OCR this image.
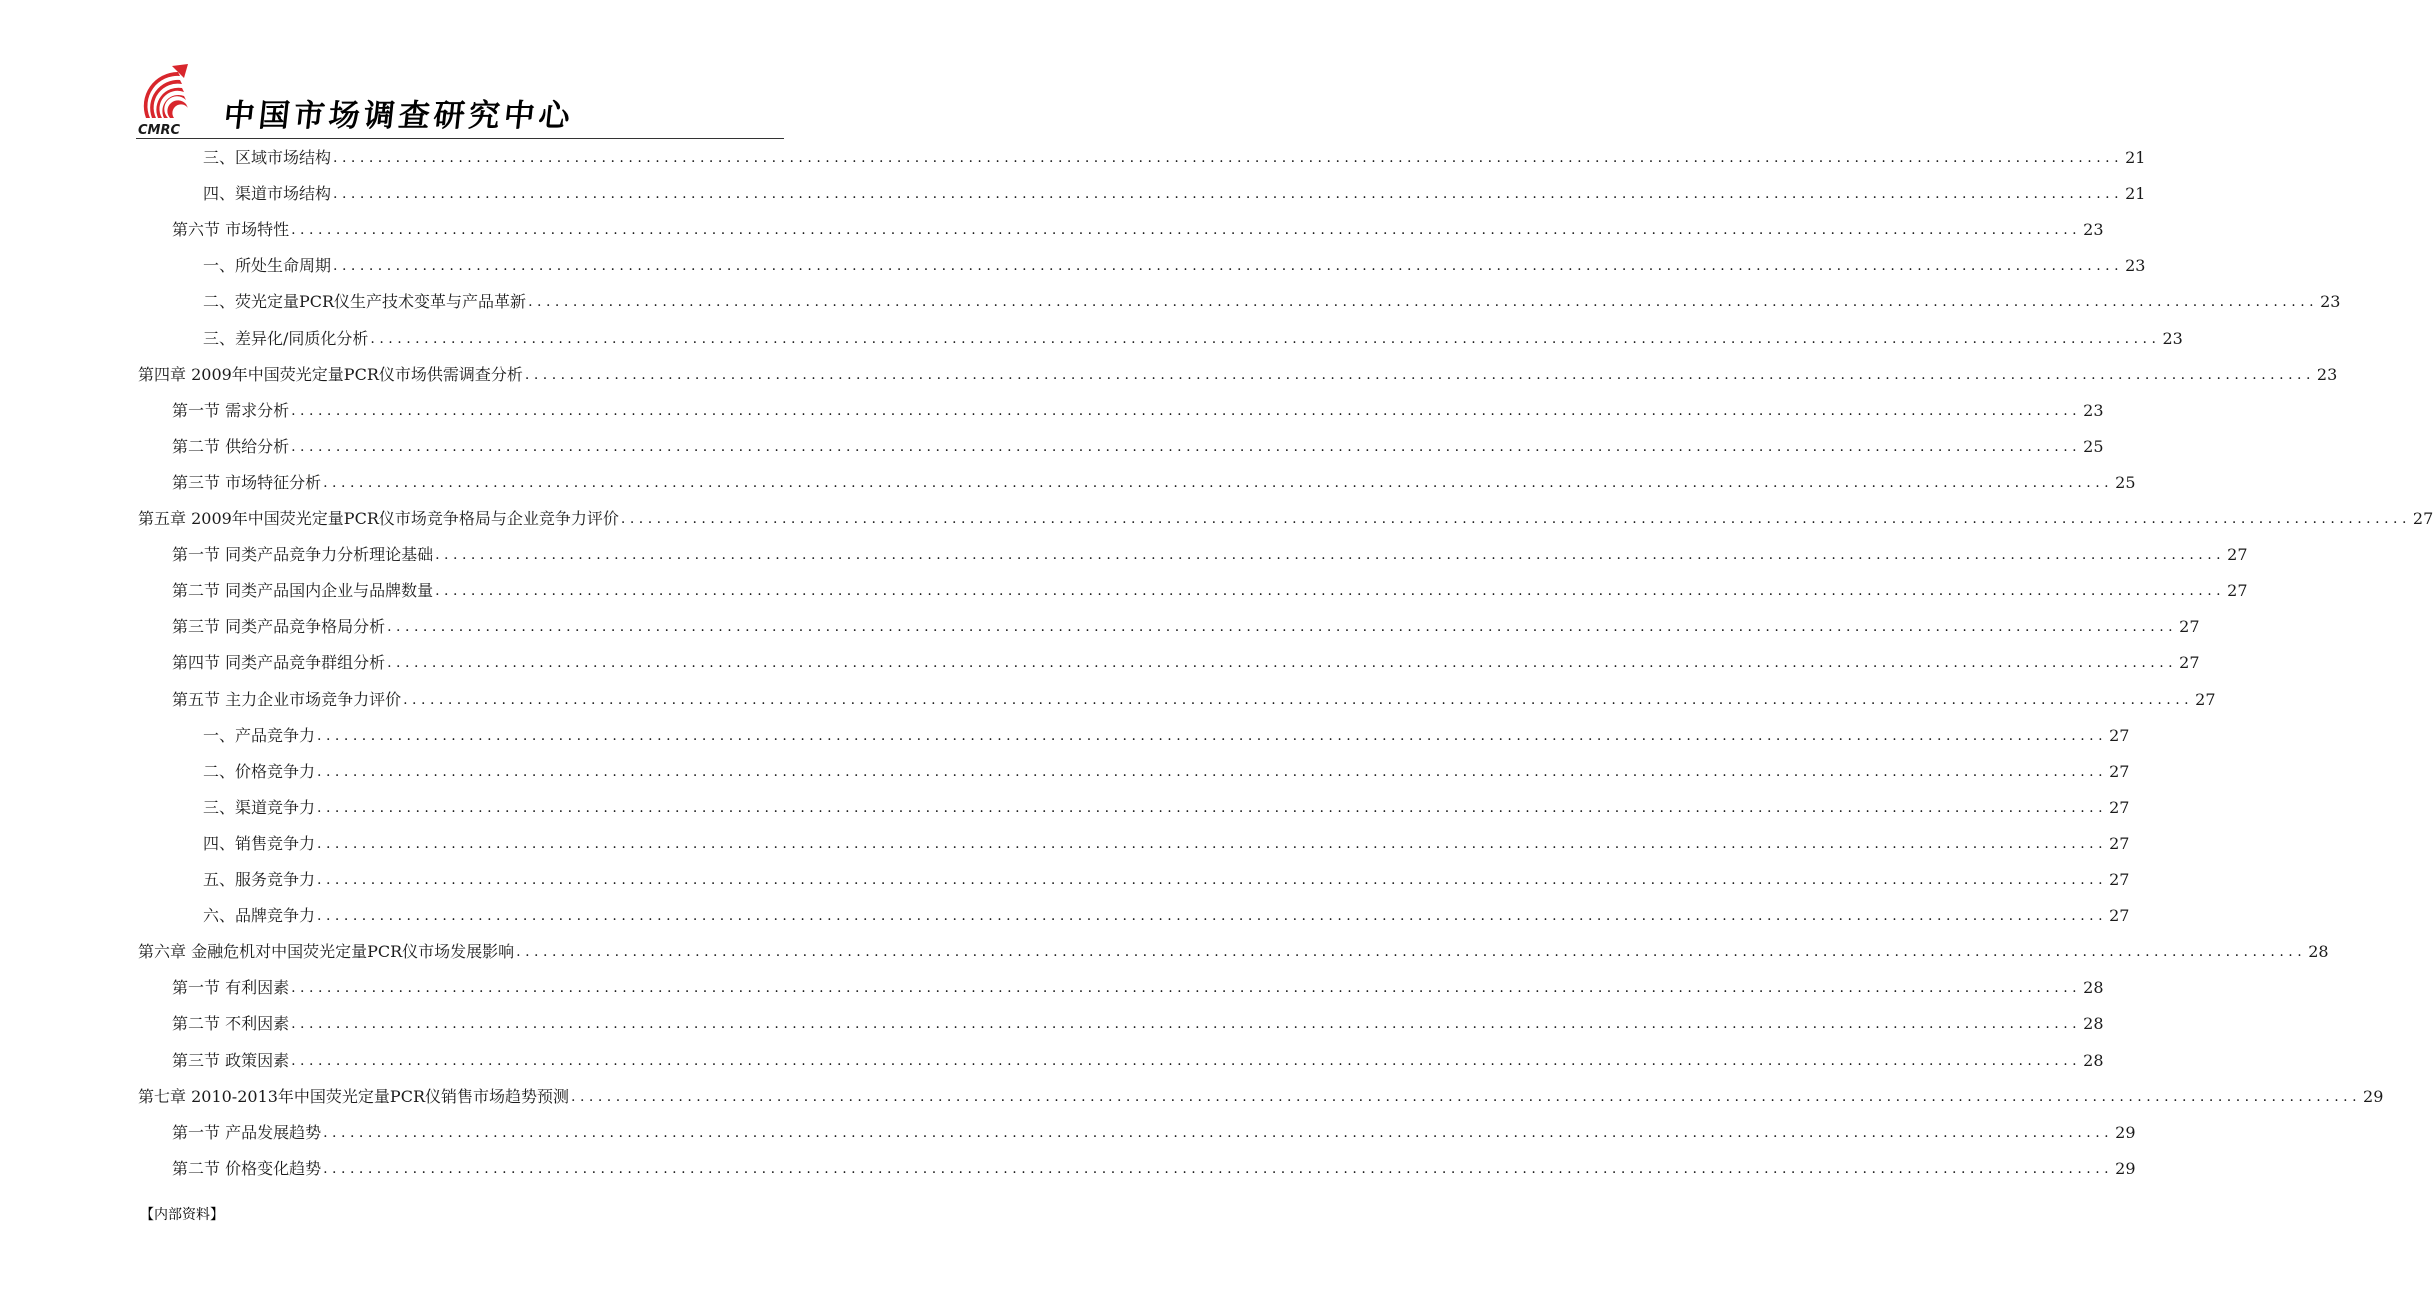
CMRC 中国市场调查研究中心
三、区域市场结构 ........................................................................................................................................................................................................ 21
四、渠道市场结构 ........................................................................................................................................................................................................ 21
第六节 市场特性 ........................................................................................................................................................................................................ 23
一、所处生命周期 ........................................................................................................................................................................................................ 23
二、荧光定量PCR仪生产技术变革与产品革新 ........................................................................................................................................................................................................ 23
三、差异化/同质化分析 ........................................................................................................................................................................................................ 23
第四章 2009年中国荧光定量PCR仪市场供需调查分析 ........................................................................................................................................................................................................ 23
第一节 需求分析 ........................................................................................................................................................................................................ 23
第二节 供给分析 ........................................................................................................................................................................................................ 25
第三节 市场特征分析 ........................................................................................................................................................................................................ 25
第五章 2009年中国荧光定量PCR仪市场竞争格局与企业竞争力评价 ........................................................................................................................................................................................................ 27
第一节 同类产品竞争力分析理论基础 ........................................................................................................................................................................................................ 27
第二节 同类产品国内企业与品牌数量 ........................................................................................................................................................................................................ 27
第三节 同类产品竞争格局分析 ........................................................................................................................................................................................................ 27
第四节 同类产品竞争群组分析 ........................................................................................................................................................................................................ 27
第五节 主力企业市场竞争力评价 ........................................................................................................................................................................................................ 27
一、产品竞争力 ........................................................................................................................................................................................................ 27
二、价格竞争力 ........................................................................................................................................................................................................ 27
三、渠道竞争力 ........................................................................................................................................................................................................ 27
四、销售竞争力 ........................................................................................................................................................................................................ 27
五、服务竞争力 ........................................................................................................................................................................................................ 27
六、品牌竞争力 ........................................................................................................................................................................................................ 27
第六章 金融危机对中国荧光定量PCR仪市场发展影响 ........................................................................................................................................................................................................ 28
第一节 有利因素 ........................................................................................................................................................................................................ 28
第二节 不利因素 ........................................................................................................................................................................................................ 28
第三节 政策因素 ........................................................................................................................................................................................................ 28
第七章 2010-2013年中国荧光定量PCR仪销售市场趋势预测 ........................................................................................................................................................................................................ 29
第一节 产品发展趋势 ........................................................................................................................................................................................................ 29
第二节 价格变化趋势 ........................................................................................................................................................................................................ 29
【内部资料】
